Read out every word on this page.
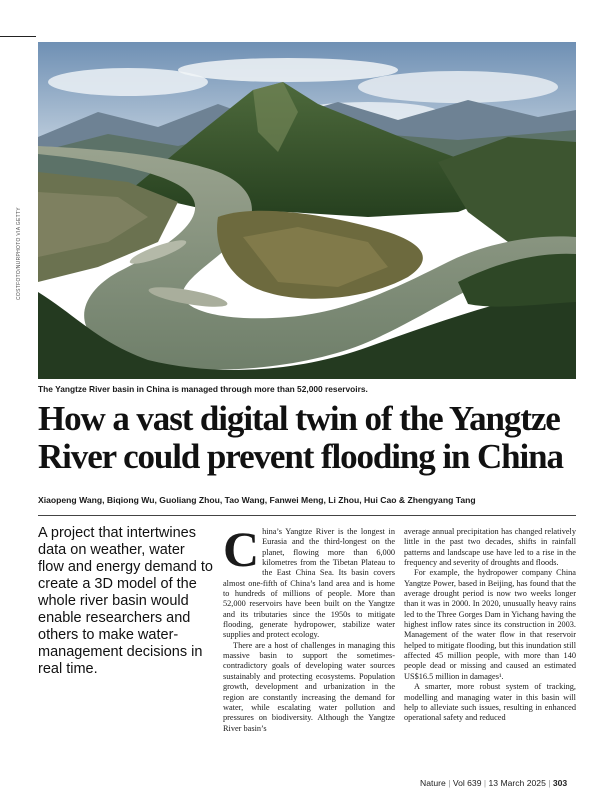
COSTFOTO/NURPHOTO VIA GETTY
The Yangtze River basin in China is managed through more than 52,000 reservoirs.
How a vast digital twin of the Yangtze
River could prevent flooding in China
Xiaopeng Wang, Biqiong Wu, Guoliang Zhou, Tao Wang, Fanwei Meng, Li Zhou, Hui Cao & Zhengyang Tang

A project that intertwines data on weather, water flow and energy demand to create a 3D model of the whole river basin would enable researchers and others to make water-management decisions in real time.

China’s Yangtze River is the longest in Eurasia and the third-longest on the planet, flowing more than 6,000 kilometres from the Tibetan Plateau to the East China Sea. Its basin covers almost one-fifth of China’s land area and is home to hundreds of millions of people. More than 52,000 reservoirs have been built on the Yangtze and its tributaries since the 1950s to mitigate flooding, generate hydropower, stabilize water supplies and protect ecology.

There are a host of challenges in managing this massive basin to support the sometimes-contradictory goals of developing water sources sustainably and protecting ecosystems. Population growth, development and urbanization in the region are constantly increasing the demand for water, while escalating water pollution and pressures on biodiversity. Although the Yangtze River basin’s

average annual precipitation has changed relatively little in the past two decades, shifts in rainfall patterns and landscape use have led to a rise in the frequency and severity of droughts and floods.

For example, the hydropower company China Yangtze Power, based in Beijing, has found that the average drought period is now two weeks longer than it was in 2000. In 2020, unusually heavy rains led to the Three Gorges Dam in Yichang having the highest inflow rates since its construction in 2003. Management of the water flow in that reservoir helped to mitigate flooding, but this inundation still affected 45 million people, with more than 140 people dead or missing and caused an estimated US$16.5 million in damages¹.

A smarter, more robust system of tracking, modelling and managing water in this basin will help to alleviate such issues, resulting in enhanced operational safety and reduced

Nature | Vol 639 | 13 March 2025 | 303
